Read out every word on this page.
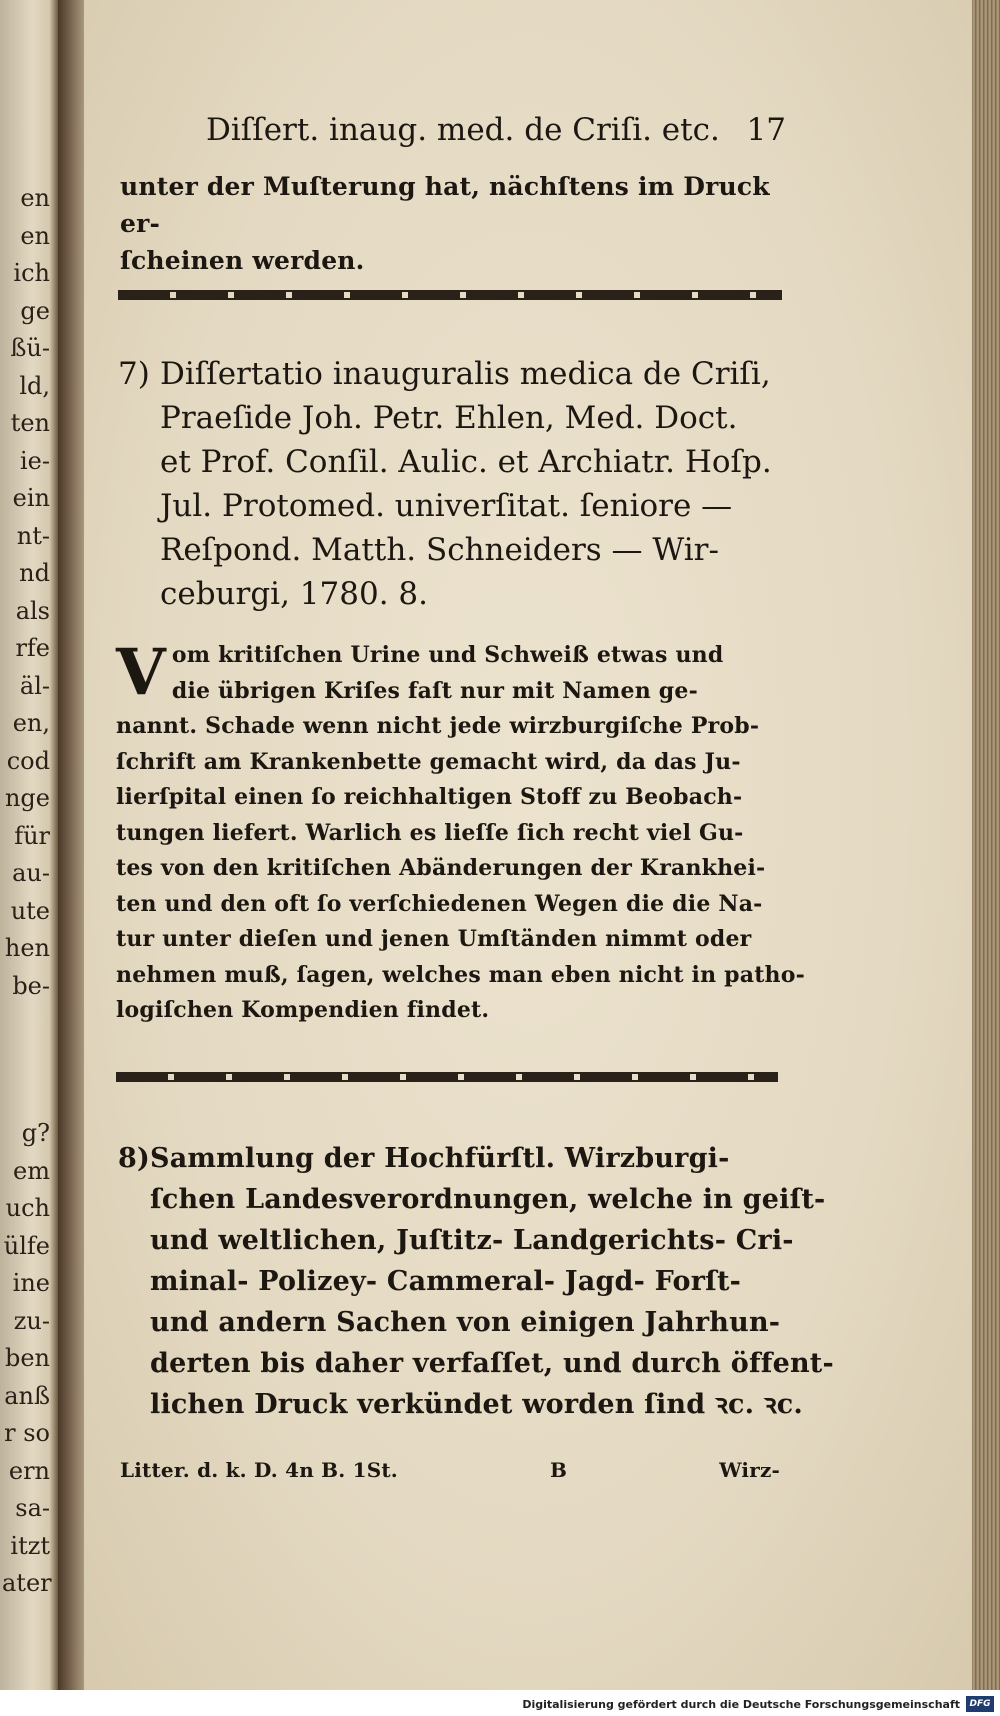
en
en
ich
ge
ßü-
ld,
ten
ie-
ein
nt-
nd
als
rfe
äl-
en,
cod
nge
für
au-
ute
hen
be-
g?
em
uch
ülfe
ine
zu-
ben
anß
r so
ern
sa-
itzt
ater
Diſſert. inaug. med. de Criſi. etc. 17
unter der Muſterung hat, nächſtens im Druck er-
ſcheinen werden.
7) Diſſertatio inauguralis medica de Criſi,
Praeſide Joh. Petr. Ehlen, Med. Doct.
et Prof. Conſil. Aulic. et Archiatr. Hoſp.
Jul. Protomed. univerſitat. ſeniore —
Reſpond. Matth. Schneiders — Wir-
ceburgi, 1780. 8.
V om kritiſchen Urine und Schweiß etwas und
die übrigen Kriſes faſt nur mit Namen ge-
nannt. Schade wenn nicht jede wirzburgiſche Prob-
ſchrift am Krankenbette gemacht wird, da das Ju-
lierſpital einen ſo reichhaltigen Stoff zu Beobach-
tungen liefert. Warlich es lieſſe ſich recht viel Gu-
tes von den kritiſchen Abänderungen der Krankhei-
ten und den oft ſo verſchiedenen Wegen die die Na-
tur unter dieſen und jenen Umſtänden nimmt oder
nehmen muß, ſagen, welches man eben nicht in patho-
logiſchen Kompendien findet.
8) Sammlung der Hochfürſtl. Wirzburgi-
ſchen Landesverordnungen, welche in geiſt-
und weltlichen, Juſtitz- Landgerichts- Cri-
minal- Polizey- Cammeral- Jagd- Forſt-
und andern Sachen von einigen Jahrhun-
derten bis daher verfaſſet, und durch öffent-
lichen Druck verkündet worden ſind ꝛc. ꝛc.
Litter. d. k. D. 4n B. 1St.	B	Wirz-
Digitalisierung gefördert durch die Deutsche Forschungsgemeinschaft	DFG
